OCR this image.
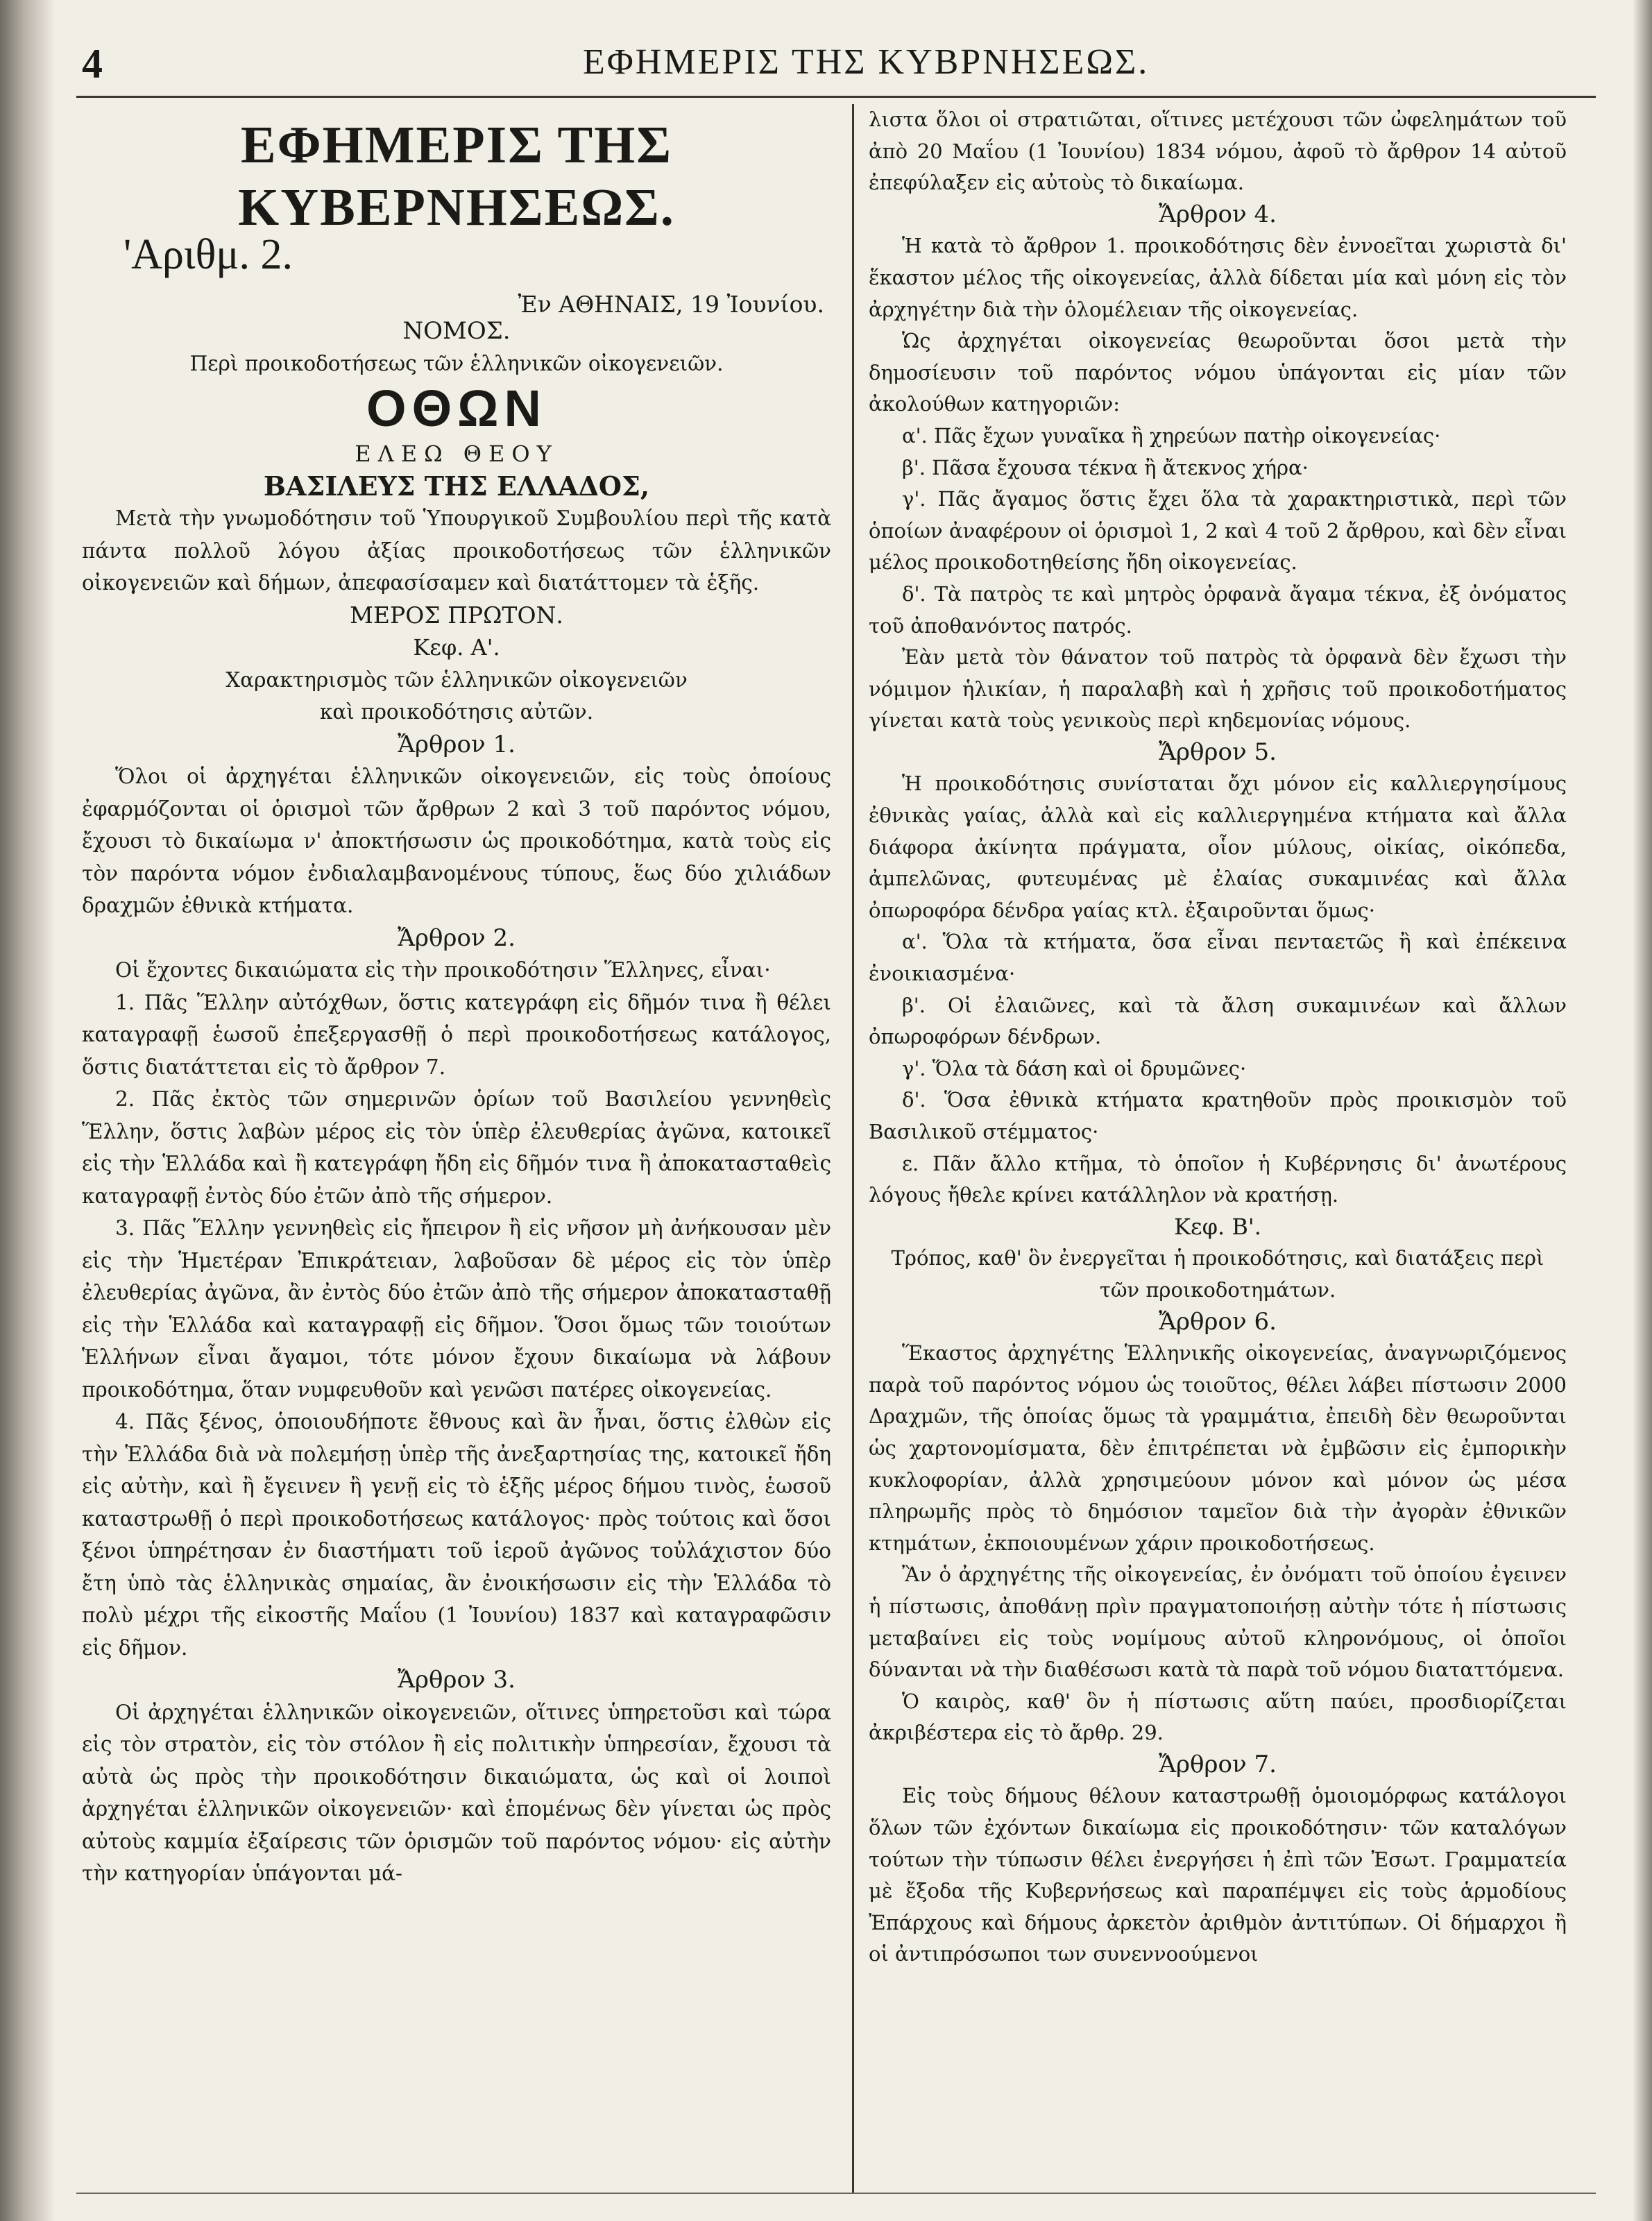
4	ΕΦΗΜΕΡΙΣ ΤΗΣ ΚΥΒΡΝΗΣΕΩΣ.
ΕΦΗΜΕΡΙΣ ΤΗΣ ΚΥΒΕΡΝΗΣΕΩΣ.
'Αριθμ. 2.
Ἐν ΑΘΗΝΑΙΣ, 19 Ἰουνίου.

ΝΟΜΟΣ.

Περὶ προικοδοτήσεως τῶν ἑλληνικῶν οἰκογενειῶν.

ΟΘΩΝ

ΕΛΕΩ ΘΕΟΥ

ΒΑΣΙΛΕΥΣ ΤΗΣ ΕΛΛΑΔΟΣ,

Μετὰ τὴν γνωμοδότησιν τοῦ Ὑπουργικοῦ Συμβουλίου περὶ τῆς κατὰ πάντα πολλοῦ λόγου ἀξίας προικοδοτήσεως τῶν ἑλληνικῶν οἰκογενειῶν καὶ δήμων, ἀπεφασίσαμεν καὶ διατάττομεν τὰ ἑξῆς.

ΜΕΡΟΣ ΠΡΩΤΟΝ.

Κεφ. Α'.

Χαρακτηρισμὸς τῶν ἑλληνικῶν οἰκογενειῶν

καὶ προικοδότησις αὐτῶν.

Ἄρθρον 1.

Ὅλοι οἱ ἀρχηγέται ἑλληνικῶν οἰκογενειῶν, εἰς τοὺς ὁποίους ἐφαρμόζονται οἱ ὁρισμοὶ τῶν ἄρθρων 2 καὶ 3 τοῦ παρόντος νόμου, ἔχουσι τὸ δικαίωμα ν' ἀποκτήσωσιν ὡς προικοδότημα, κατὰ τοὺς εἰς τὸν παρόντα νόμον ἐνδιαλαμβανομένους τύπους, ἕως δύο χιλιάδων δραχμῶν ἐθνικὰ κτήματα.

Ἄρθρον 2.

Οἱ ἔχοντες δικαιώματα εἰς τὴν προικοδότησιν Ἕλληνες, εἶναι·

1. Πᾶς Ἕλλην αὐτόχθων, ὅστις κατεγράφη εἰς δῆμόν τινα ἢ θέλει καταγραφῇ ἑωσοῦ ἐπεξεργασθῇ ὁ περὶ προικοδοτήσεως κατάλογος, ὅστις διατάττεται εἰς τὸ ἄρθρον 7.

2. Πᾶς ἐκτὸς τῶν σημερινῶν ὁρίων τοῦ Βασιλείου γεννηθεὶς Ἕλλην, ὅστις λαβὼν μέρος εἰς τὸν ὑπὲρ ἐλευθερίας ἀγῶνα, κατοικεῖ εἰς τὴν Ἑλλάδα καὶ ἢ κατεγράφη ἤδη εἰς δῆμόν τινα ἢ ἀποκατασταθεὶς καταγραφῇ ἐντὸς δύο ἐτῶν ἀπὸ τῆς σήμερον.

3. Πᾶς Ἕλλην γεννηθεὶς εἰς ἤπειρον ἢ εἰς νῆσον μὴ ἀνήκουσαν μὲν εἰς τὴν Ἡμετέραν Ἐπικράτειαν, λαβοῦσαν δὲ μέρος εἰς τὸν ὑπὲρ ἐλευθερίας ἀγῶνα, ἂν ἐντὸς δύο ἐτῶν ἀπὸ τῆς σήμερον ἀποκατασταθῇ εἰς τὴν Ἑλλάδα καὶ καταγραφῇ εἰς δῆμον. Ὅσοι ὅμως τῶν τοιούτων Ἑλλήνων εἶναι ἄγαμοι, τότε μόνον ἔχουν δικαίωμα νὰ λάβουν προικοδότημα, ὅταν νυμφευθοῦν καὶ γενῶσι πατέρες οἰκογενείας.

4. Πᾶς ξένος, ὁποιουδήποτε ἔθνους καὶ ἂν ἦναι, ὅστις ἐλθὼν εἰς τὴν Ἑλλάδα διὰ νὰ πολεμήσῃ ὑπὲρ τῆς ἀνεξαρτησίας της, κατοικεῖ ἤδη εἰς αὐτὴν, καὶ ἢ ἔγεινεν ἢ γενῇ εἰς τὸ ἑξῆς μέρος δήμου τινὸς, ἑωσοῦ καταστρωθῇ ὁ περὶ προικοδοτήσεως κατάλογος· πρὸς τούτοις καὶ ὅσοι ξένοι ὑπηρέτησαν ἐν διαστήματι τοῦ ἱεροῦ ἀγῶνος τοὐλάχιστον δύο ἔτη ὑπὸ τὰς ἑλληνικὰς σημαίας, ἂν ἐνοικήσωσιν εἰς τὴν Ἑλλάδα τὸ πολὺ μέχρι τῆς εἰκοστῆς Μαΐου (1 Ἰουνίου) 1837 καὶ καταγραφῶσιν εἰς δῆμον.

Ἄρθρον 3.

Οἱ ἀρχηγέται ἑλληνικῶν οἰκογενειῶν, οἵτινες ὑπηρετοῦσι καὶ τώρα εἰς τὸν στρατὸν, εἰς τὸν στόλον ἢ εἰς πολιτικὴν ὑπηρεσίαν, ἔχουσι τὰ αὐτὰ ὡς πρὸς τὴν προικοδότησιν δικαιώματα, ὡς καὶ οἱ λοιποὶ ἀρχηγέται ἑλληνικῶν οἰκογενειῶν· καὶ ἑπομένως δὲν γίνεται ὡς πρὸς αὐτοὺς καμμία ἐξαίρεσις τῶν ὁρισμῶν τοῦ παρόντος νόμου· εἰς αὐτὴν τὴν κατηγορίαν ὑπάγονται μά-

λιστα ὅλοι οἱ στρατιῶται, οἵτινες μετέχουσι τῶν ὠφελημάτων τοῦ ἀπὸ 20 Μαΐου (1 Ἰουνίου) 1834 νόμου, ἀφοῦ τὸ ἄρθρον 14 αὐτοῦ ἐπεφύλαξεν εἰς αὐτοὺς τὸ δικαίωμα.

Ἄρθρον 4.

Ἡ κατὰ τὸ ἄρθρον 1. προικοδότησις δὲν ἐννοεῖται χωριστὰ δι' ἕκαστον μέλος τῆς οἰκογενείας, ἀλλὰ δίδεται μία καὶ μόνη εἰς τὸν ἀρχηγέτην διὰ τὴν ὁλομέλειαν τῆς οἰκογενείας.

Ὡς ἀρχηγέται οἰκογενείας θεωροῦνται ὅσοι μετὰ τὴν δημοσίευσιν τοῦ παρόντος νόμου ὑπάγονται εἰς μίαν τῶν ἀκολούθων κατηγοριῶν:

α'. Πᾶς ἔχων γυναῖκα ἢ χηρεύων πατὴρ οἰκογενείας·

β'. Πᾶσα ἔχουσα τέκνα ἢ ἄτεκνος χήρα·

γ'. Πᾶς ἄγαμος ὅστις ἔχει ὅλα τὰ χαρακτηριστικὰ, περὶ τῶν ὁποίων ἀναφέρουν οἱ ὁρισμοὶ 1, 2 καὶ 4 τοῦ 2 ἄρθρου, καὶ δὲν εἶναι μέλος προικοδοτηθείσης ἤδη οἰκογενείας.

δ'. Τὰ πατρὸς τε καὶ μητρὸς ὀρφανὰ ἄγαμα τέκνα, ἐξ ὀνόματος τοῦ ἀποθανόντος πατρός.

Ἐὰν μετὰ τὸν θάνατον τοῦ πατρὸς τὰ ὀρφανὰ δὲν ἔχωσι τὴν νόμιμον ἡλικίαν, ἡ παραλαβὴ καὶ ἡ χρῆσις τοῦ προικοδοτήματος γίνεται κατὰ τοὺς γενικοὺς περὶ κηδεμονίας νόμους.

Ἄρθρον 5.

Ἡ προικοδότησις συνίσταται ὄχι μόνον εἰς καλλιεργησίμους ἐθνικὰς γαίας, ἀλλὰ καὶ εἰς καλλιεργημένα κτήματα καὶ ἄλλα διάφορα ἀκίνητα πράγματα, οἷον μύλους, οἰκίας, οἰκόπεδα, ἀμπελῶνας, φυτευμένας μὲ ἐλαίας συκαμινέας καὶ ἄλλα ὀπωροφόρα δένδρα γαίας κτλ. ἐξαιροῦνται ὅμως·

α'. Ὅλα τὰ κτήματα, ὅσα εἶναι πενταετῶς ἢ καὶ ἐπέκεινα ἐνοικιασμένα·

β'. Οἱ ἐλαιῶνες, καὶ τὰ ἄλση συκαμινέων καὶ ἄλλων ὀπωροφόρων δένδρων.

γ'. Ὅλα τὰ δάση καὶ οἱ δρυμῶνες·

δ'. Ὅσα ἐθνικὰ κτήματα κρατηθοῦν πρὸς προικισμὸν τοῦ Βασιλικοῦ στέμματος·

ε. Πᾶν ἄλλο κτῆμα, τὸ ὁποῖον ἡ Κυβέρνησις δι' ἀνωτέρους λόγους ἤθελε κρίνει κατάλληλον νὰ κρατήσῃ.

Κεφ. Β'.

Τρόπος, καθ' ὃν ἐνεργεῖται ἡ προικοδότησις, καὶ διατάξεις περὶ τῶν προικοδοτημάτων.

Ἄρθρον 6.

Ἕκαστος ἀρχηγέτης Ἑλληνικῆς οἰκογενείας, ἀναγνωριζόμενος παρὰ τοῦ παρόντος νόμου ὡς τοιοῦτος, θέλει λάβει πίστωσιν 2000 Δραχμῶν, τῆς ὁποίας ὅμως τὰ γραμμάτια, ἐπειδὴ δὲν θεωροῦνται ὡς χαρτονομίσματα, δὲν ἐπιτρέπεται νὰ ἐμβῶσιν εἰς ἐμπορικὴν κυκλοφορίαν, ἀλλὰ χρησιμεύουν μόνον καὶ μόνον ὡς μέσα πληρωμῆς πρὸς τὸ δημόσιον ταμεῖον διὰ τὴν ἀγορὰν ἐθνικῶν κτημάτων, ἐκποιουμένων χάριν προικοδοτήσεως.

Ἂν ὁ ἀρχηγέτης τῆς οἰκογενείας, ἐν ὀνόματι τοῦ ὁποίου ἐγεινεν ἡ πίστωσις, ἀποθάνῃ πρὶν πραγματοποιήσῃ αὐτὴν τότε ἡ πίστωσις μεταβαίνει εἰς τοὺς νομίμους αὐτοῦ κληρονόμους, οἱ ὁποῖοι δύνανται νὰ τὴν διαθέσωσι κατὰ τὰ παρὰ τοῦ νόμου διαταττόμενα.

Ὁ καιρὸς, καθ' ὃν ἡ πίστωσις αὕτη παύει, προσδιορίζεται ἀκριβέστερα εἰς τὸ ἄρθρ. 29.

Ἄρθρον 7.

Εἰς τοὺς δήμους θέλουν καταστρωθῇ ὁμοιομόρφως κατάλογοι ὅλων τῶν ἐχόντων δικαίωμα εἰς προικοδότησιν· τῶν καταλόγων τούτων τὴν τύπωσιν θέλει ἐνεργήσει ἡ ἐπὶ τῶν Ἐσωτ. Γραμματεία μὲ ἔξοδα τῆς Κυβερνήσεως καὶ παραπέμψει εἰς τοὺς ἁρμοδίους Ἐπάρχους καὶ δήμους ἀρκετὸν ἀριθμὸν ἀντιτύπων. Οἱ δήμαρχοι ἢ οἱ ἀντιπρόσωποι των συνεννοούμενοι
